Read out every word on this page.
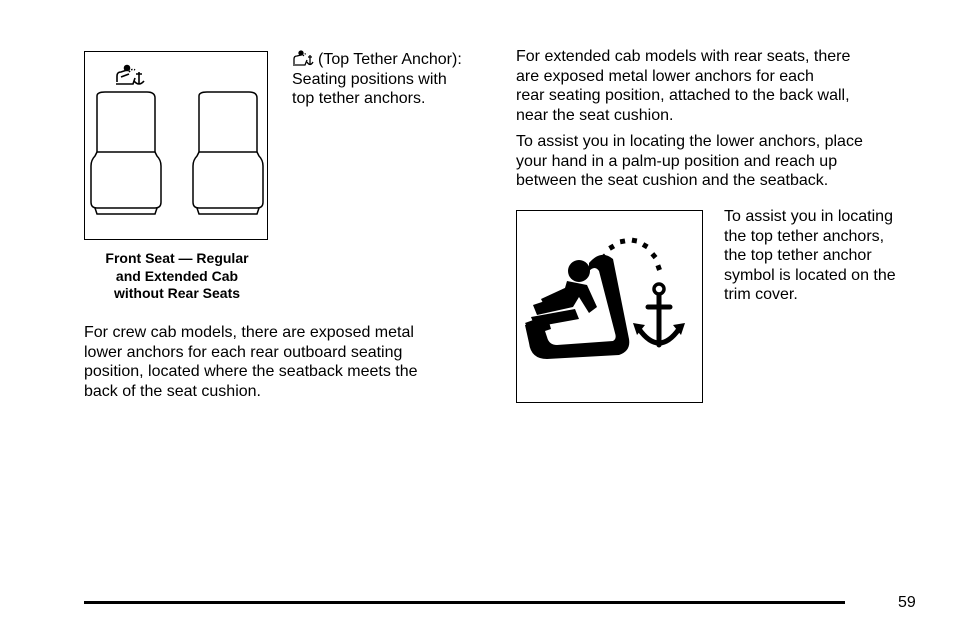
Front Seat — Regular
and Extended Cab
without Rear Seats
(Top Tether Anchor):
Seating positions with
top tether anchors.
For crew cab models, there are exposed metal
lower anchors for each rear outboard seating
position, located where the seatback meets the
back of the seat cushion.
For extended cab models with rear seats, there
are exposed metal lower anchors for each
rear seating position, attached to the back wall,
near the seat cushion.
To assist you in locating the lower anchors, place
your hand in a palm-up position and reach up
between the seat cushion and the seatback.
To assist you in locating
the top tether anchors,
the top tether anchor
symbol is located on the
trim cover.
59
